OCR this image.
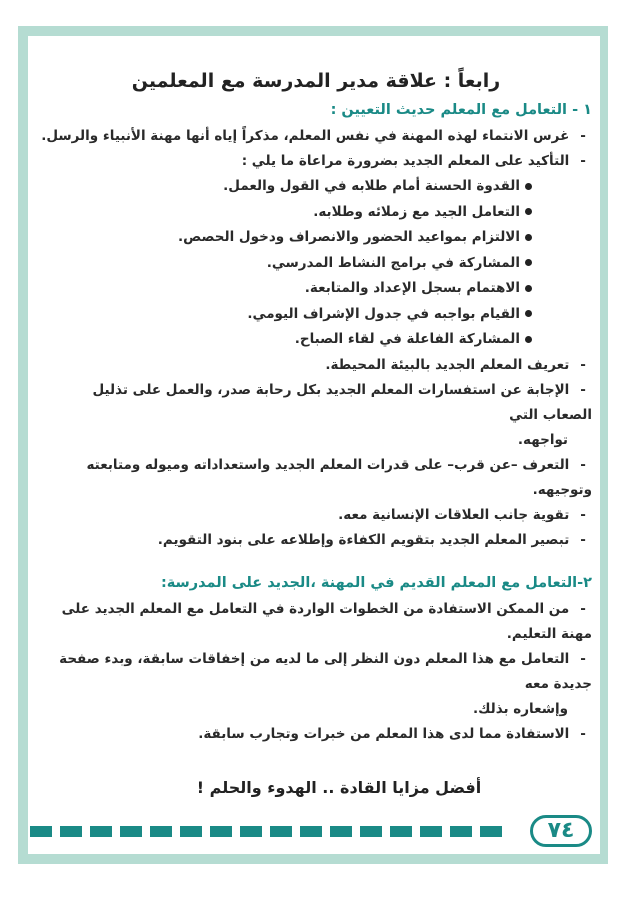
رابعاً : علاقة مدير المدرسة مع المعلمين
١ - التعامل مع المعلم حديث التعيين :
- غرس الانتماء لهذه المهنة في نفس المعلم، مذكراً إياه أنها مهنة الأنبياء والرسل.
- التأكيد على المعلم الجديد بضرورة مراعاة ما يلي :
القدوة الحسنة أمام طلابه في القول والعمل.
التعامل الجيد مع زملائه وطلابه.
الالتزام بمواعيد الحضور والانصراف ودخول الحصص.
المشاركة في برامج النشاط المدرسي.
الاهتمام بسجل الإعداد والمتابعة.
القيام بواجبه في جدول الإشراف اليومي.
المشاركة الفاعلة في لقاء الصباح.
- تعريف المعلم الجديد بالبيئة المحيطة.
- الإجابة عن استفسارات المعلم الجديد بكل رحابة صدر، والعمل على تذليل الصعاب التي
تواجهه.
- التعرف –عن قرب– على قدرات المعلم الجديد واستعداداته وميوله ومتابعته وتوجيهه.
- تقوية جانب العلاقات الإنسانية معه.
- تبصير المعلم الجديد بتقويم الكفاءة وإطلاعه على بنود التقويم.
٢-التعامل مع المعلم القديم في المهنة ،الجديد على المدرسة:
- من الممكن الاستفادة من الخطوات الواردة في التعامل مع المعلم الجديد على مهنة التعليم.
- التعامل مع هذا المعلم دون النظر إلى ما لديه من إخفاقات سابقة، وبدء صفحة جديدة معه
وإشعاره بذلك.
- الاستفادة مما لدى هذا المعلم من خبرات وتجارب سابقة.
أفضل مزايا القادة .. الهدوء والحلم !
٧٤
